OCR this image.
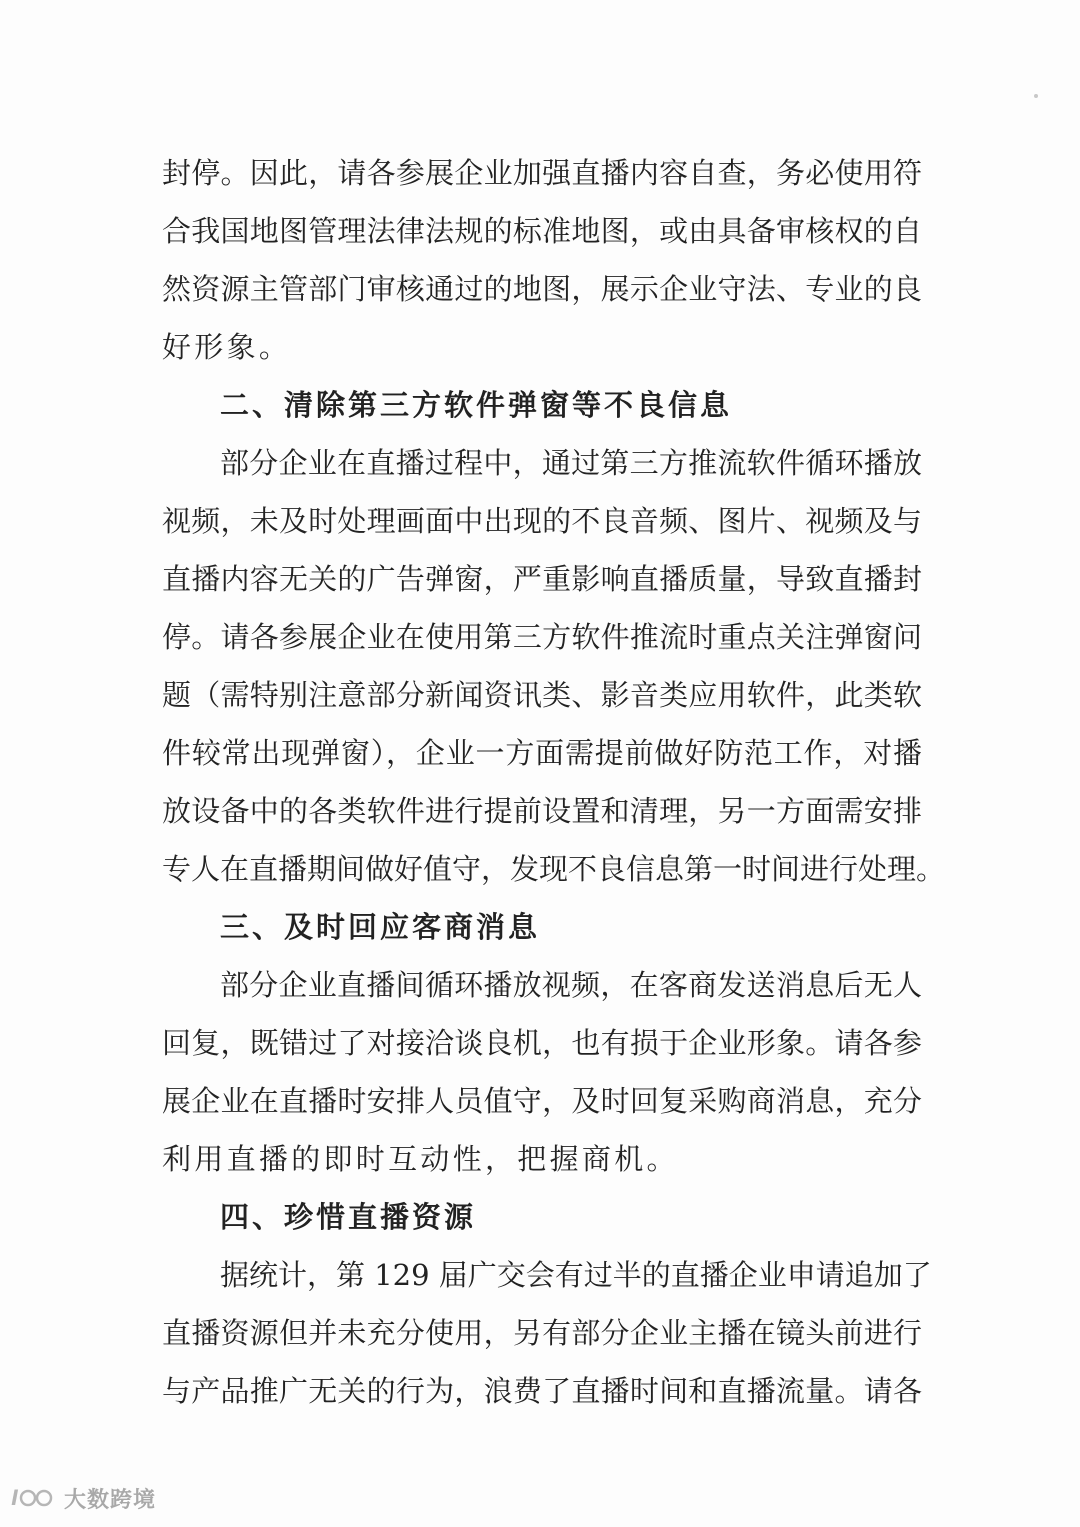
封停。因此，请各参展企业加强直播内容自查，务必使用符
合我国地图管理法律法规的标准地图，或由具备审核权的自
然资源主管部门审核通过的地图，展示企业守法、专业的良
好形象。
二、清除第三方软件弹窗等不良信息
部分企业在直播过程中，通过第三方推流软件循环播放
视频，未及时处理画面中出现的不良音频、图片、视频及与
直播内容无关的广告弹窗，严重影响直播质量，导致直播封
停。请各参展企业在使用第三方软件推流时重点关注弹窗问
题（需特别注意部分新闻资讯类、影音类应用软件，此类软
件较常出现弹窗），企业一方面需提前做好防范工作，对播
放设备中的各类软件进行提前设置和清理，另一方面需安排
专人在直播期间做好值守，发现不良信息第一时间进行处理。
三、及时回应客商消息
部分企业直播间循环播放视频，在客商发送消息后无人
回复，既错过了对接洽谈良机，也有损于企业形象。请各参
展企业在直播时安排人员值守，及时回复采购商消息，充分
利用直播的即时互动性，把握商机。
四、珍惜直播资源
据统计，第 129 届广交会有过半的直播企业申请追加了
直播资源但并未充分使用，另有部分企业主播在镜头前进行
与产品推广无关的行为，浪费了直播时间和直播流量。请各
l 大数跨境
